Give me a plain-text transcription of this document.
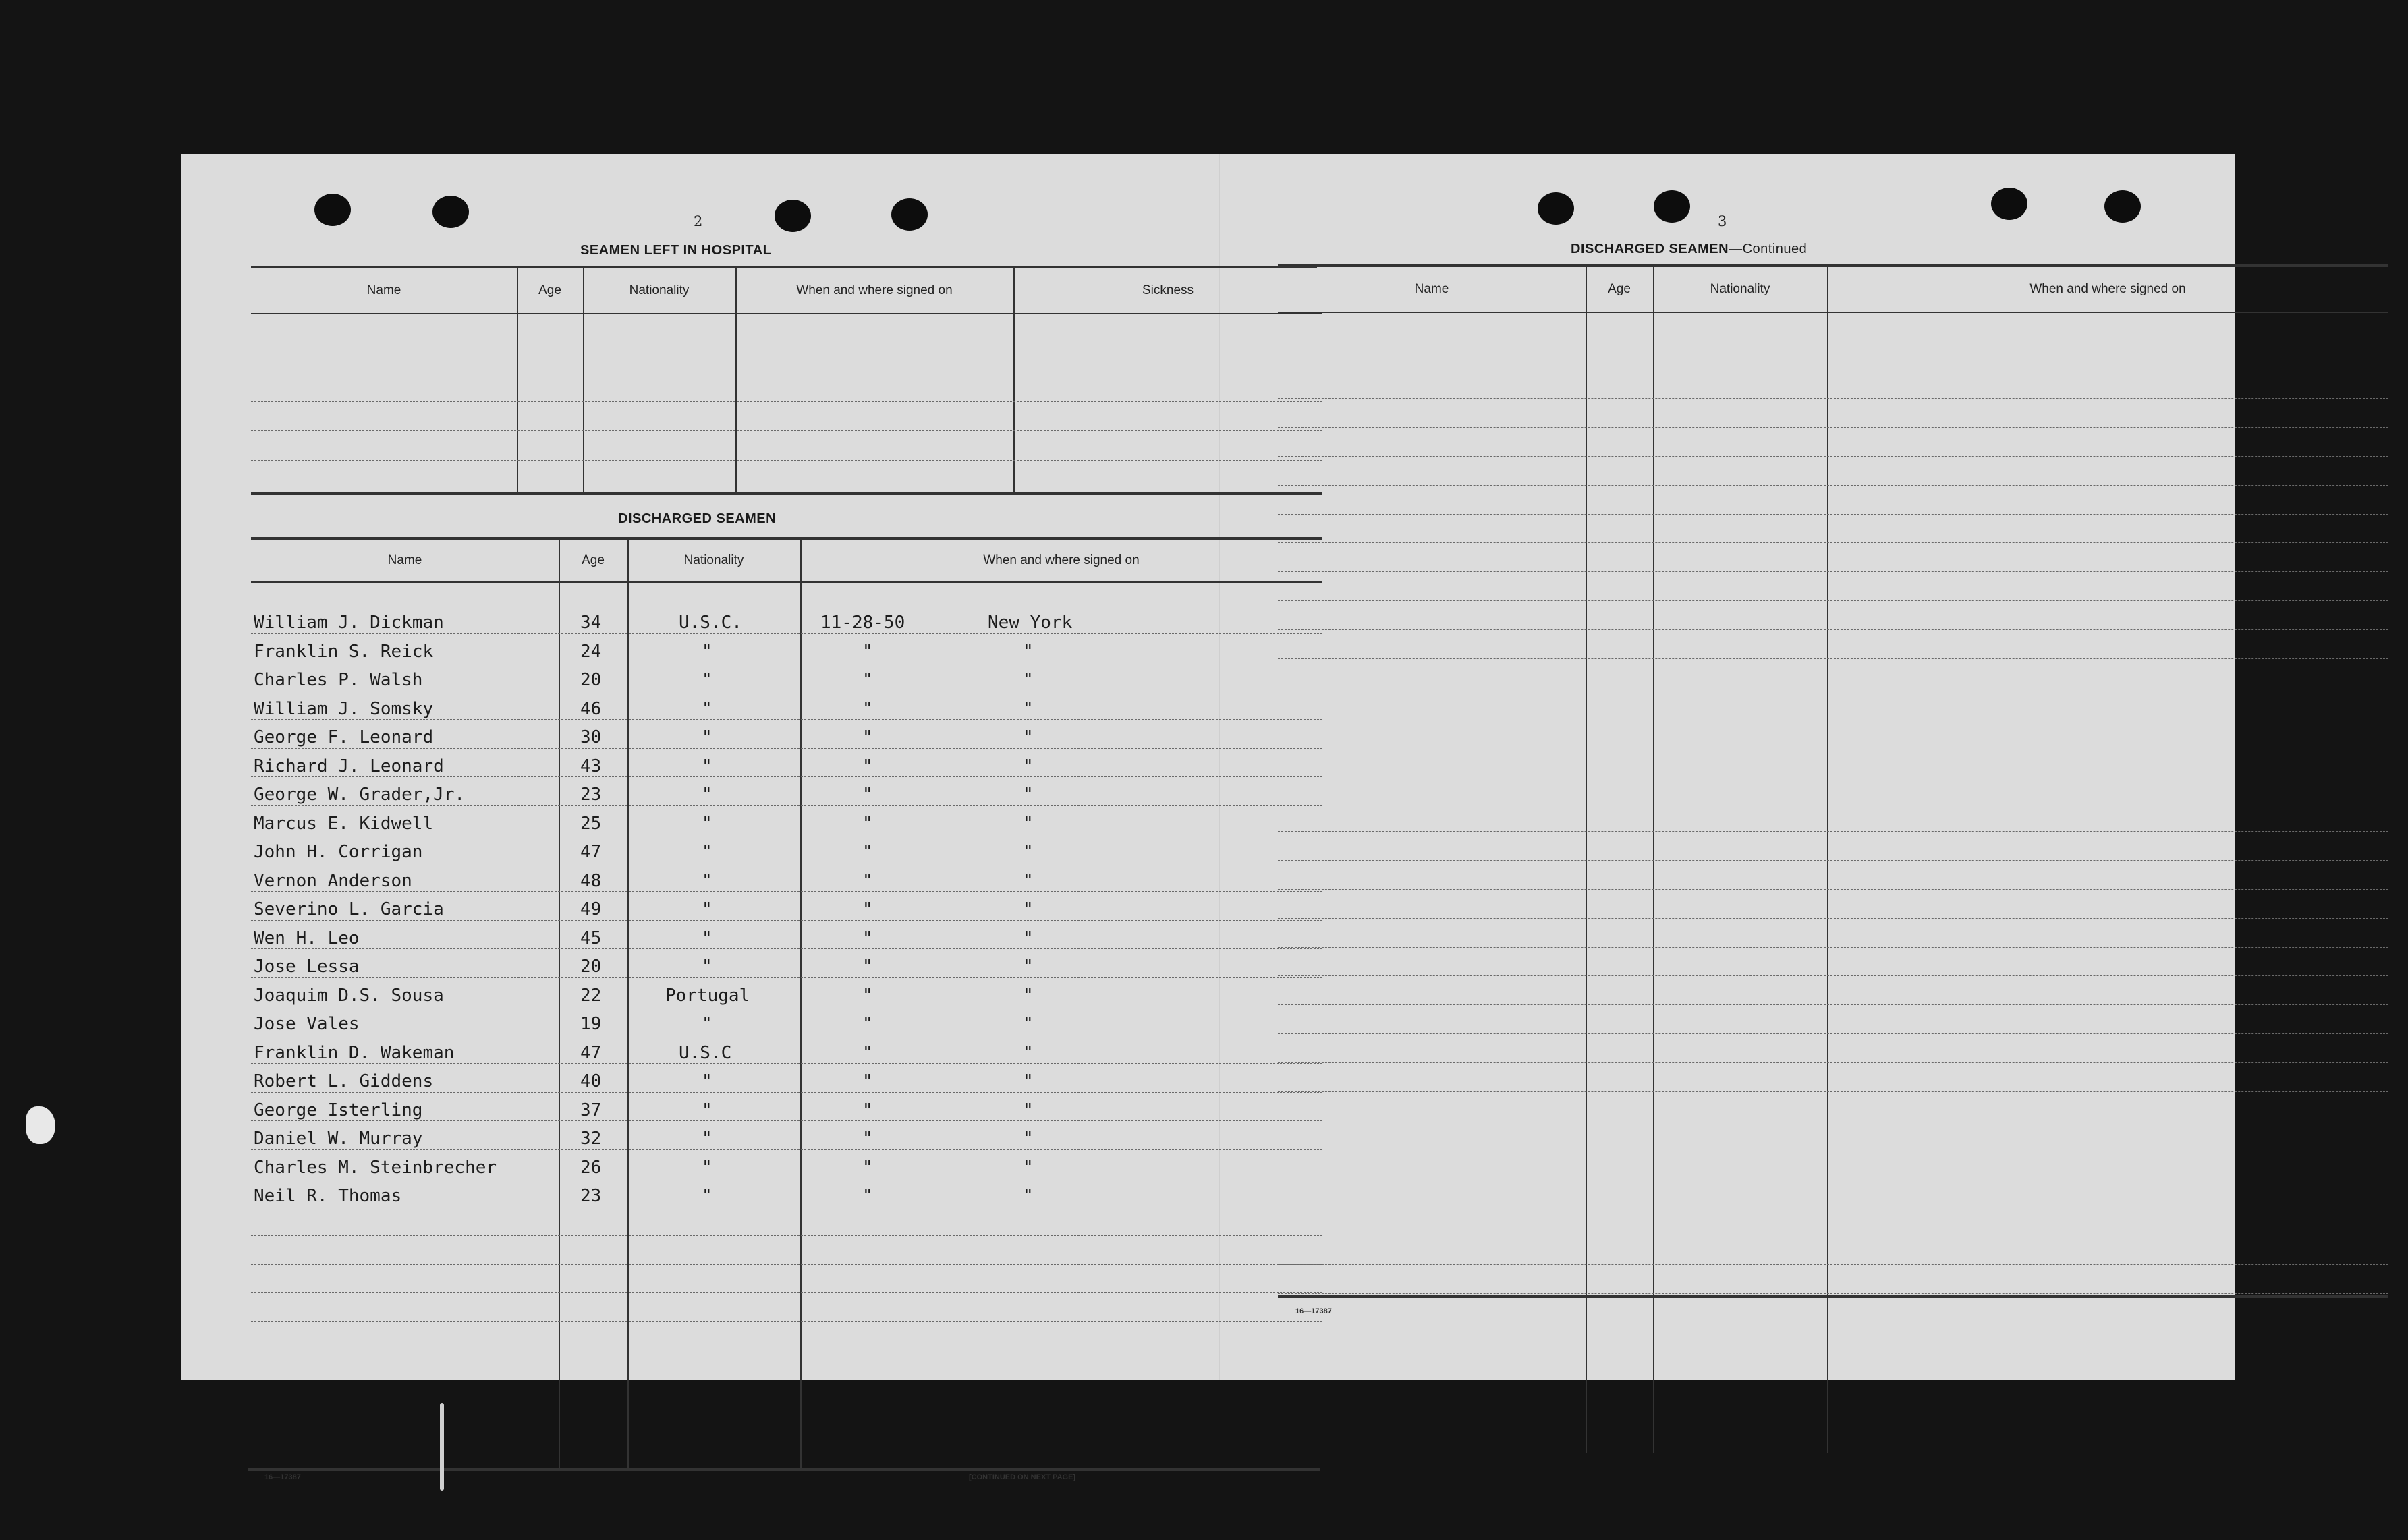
2
SEAMEN LEFT IN HOSPITAL
Name	Age	Nationality	When and where signed on	Sickness
DISCHARGED SEAMEN
Name	Age	Nationality	When and where signed on
William J. Dickman	34	U.S.C.	11-28-50	New York
Franklin S. Reick	24	"	"	"
Charles P. Walsh	20	"	"	"
William J. Somsky	46	"	"	"
George F. Leonard	30	"	"	"
Richard J. Leonard	43	"	"	"
George W. Grader,Jr.	23	"	"	"
Marcus E. Kidwell	25	"	"	"
John H. Corrigan	47	"	"	"
Vernon Anderson	48	"	"	"
Severino L. Garcia	49	"	"	"
Wen H. Leo	45	"	"	"
Jose Lessa	20	"	"	"
Joaquim D.S. Sousa	22	Portugal	"	"
Jose Vales	19	"	"	"
Franklin D. Wakeman	47	U.S.C	"	"
Robert L. Giddens	40	"	"	"
George Isterling	37	"	"	"
Daniel W. Murray	32	"	"	"
Charles M. Steinbrecher	26	"	"	"
Neil R. Thomas	23	"	"	"
16—17387	[CONTINUED ON NEXT PAGE]
3
DISCHARGED SEAMEN—Continued
Name	Age	Nationality	When and where signed on
16—17387
